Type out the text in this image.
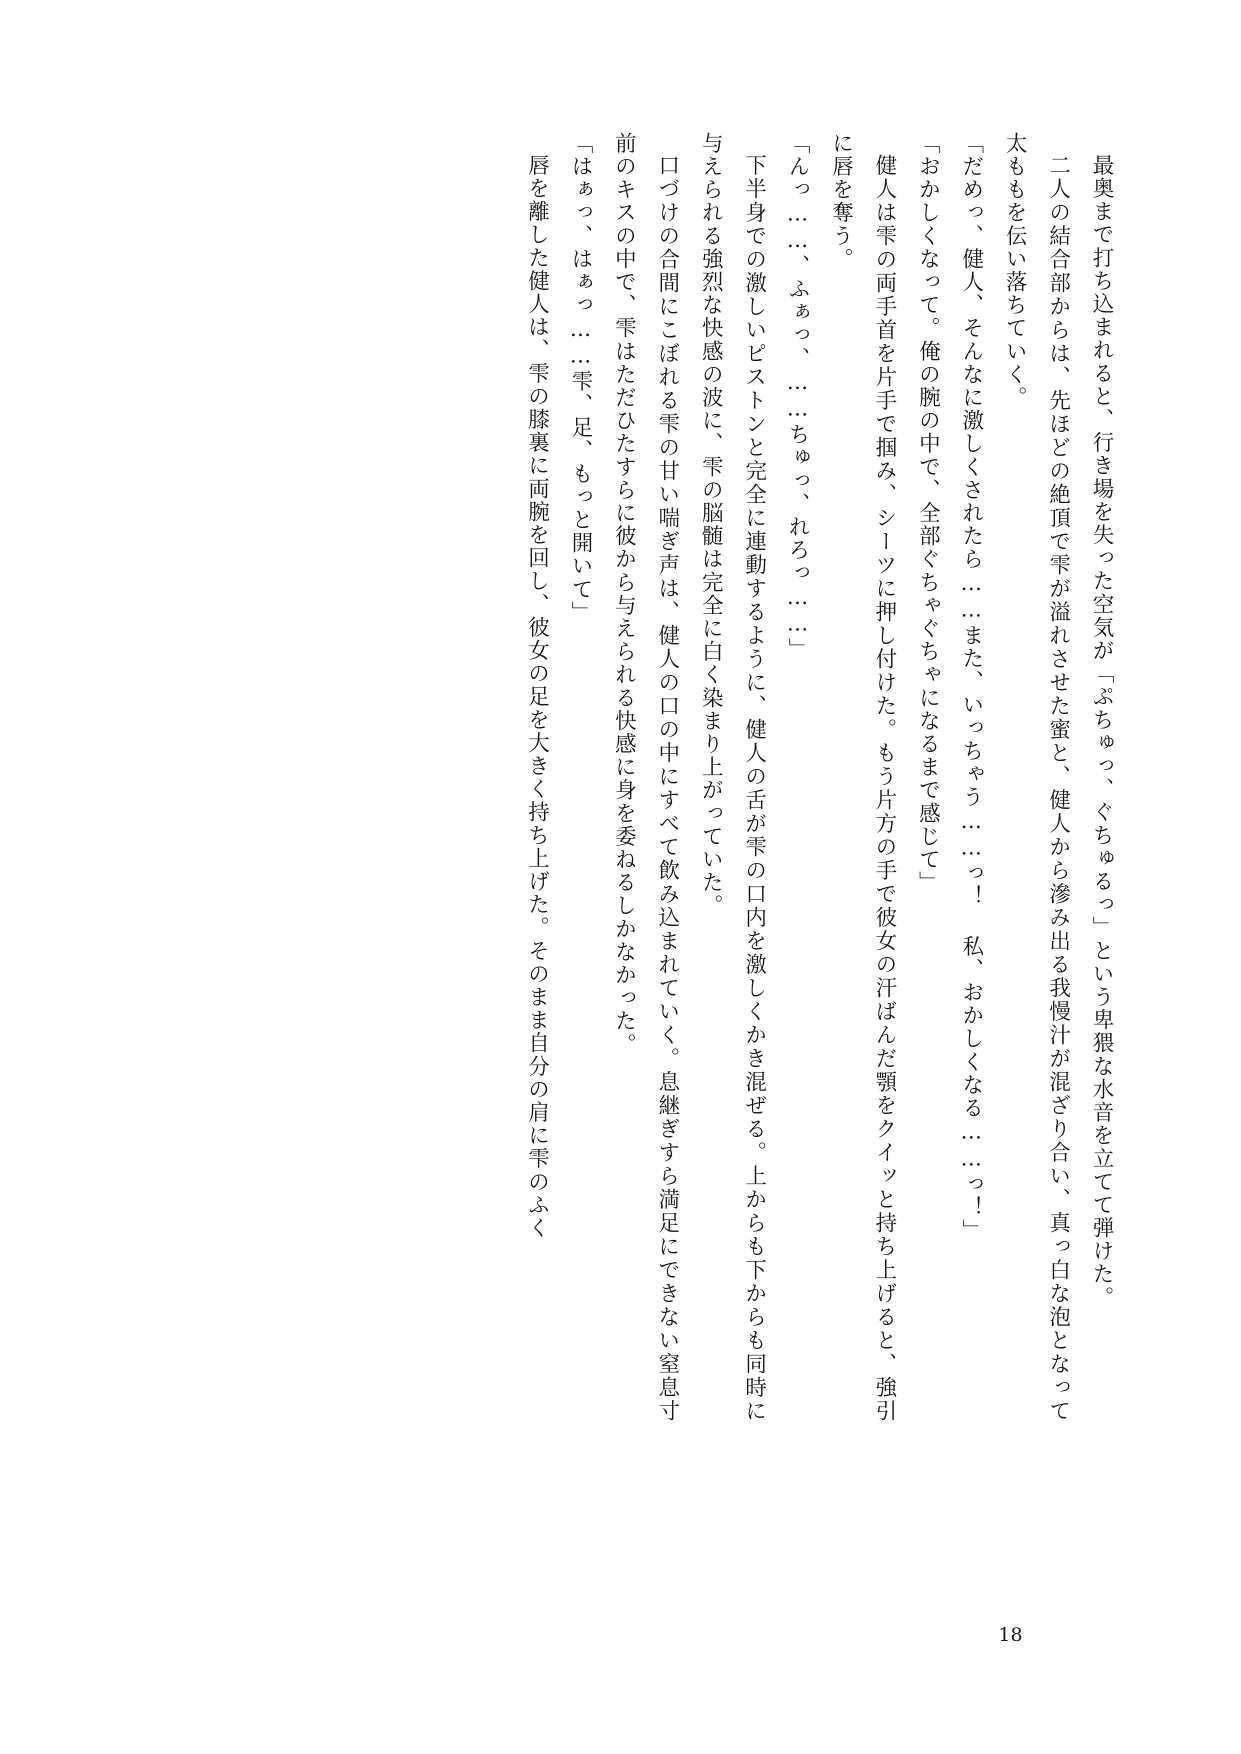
最奥まで打ち込まれると、行き場を失った空気が「ぷちゅっ、ぐちゅるっ」という卑猥な水音を立てて弾けた。

二人の結合部からは、先ほどの絶頂で雫が溢れさせた蜜と、健人から滲み出る我慢汁が混ざり合い、真っ白な泡となって太ももを伝い落ちていく。

「だめっ、健人、そんなに激しくされたら……また、いっちゃう……っ！ 私、おかしくなる……っ！」

「おかしくなって。俺の腕の中で、全部ぐちゃぐちゃになるまで感じて」

健人は雫の両手首を片手で掴み、シーツに押し付けた。もう片方の手で彼女の汗ばんだ顎をクイッと持ち上げると、強引に唇を奪う。

「んっ……、ふぁっ、……ちゅっ、れろっ……」

下半身での激しいピストンと完全に連動するように、健人の舌が雫の口内を激しくかき混ぜる。上からも下からも同時に与えられる強烈な快感の波に、雫の脳髄は完全に白く染まり上がっていた。

口づけの合間にこぼれる雫の甘い喘ぎ声は、健人の口の中にすべて飲み込まれていく。息継ぎすら満足にできない窒息寸前のキスの中で、雫はただひたすらに彼から与えられる快感に身を委ねるしかなかった。

「はぁっ、はぁっ……雫、足、もっと開いて」

唇を離した健人は、雫の膝裏に両腕を回し、彼女の足を大きく持ち上げた。そのまま自分の肩に雫のふく

18
